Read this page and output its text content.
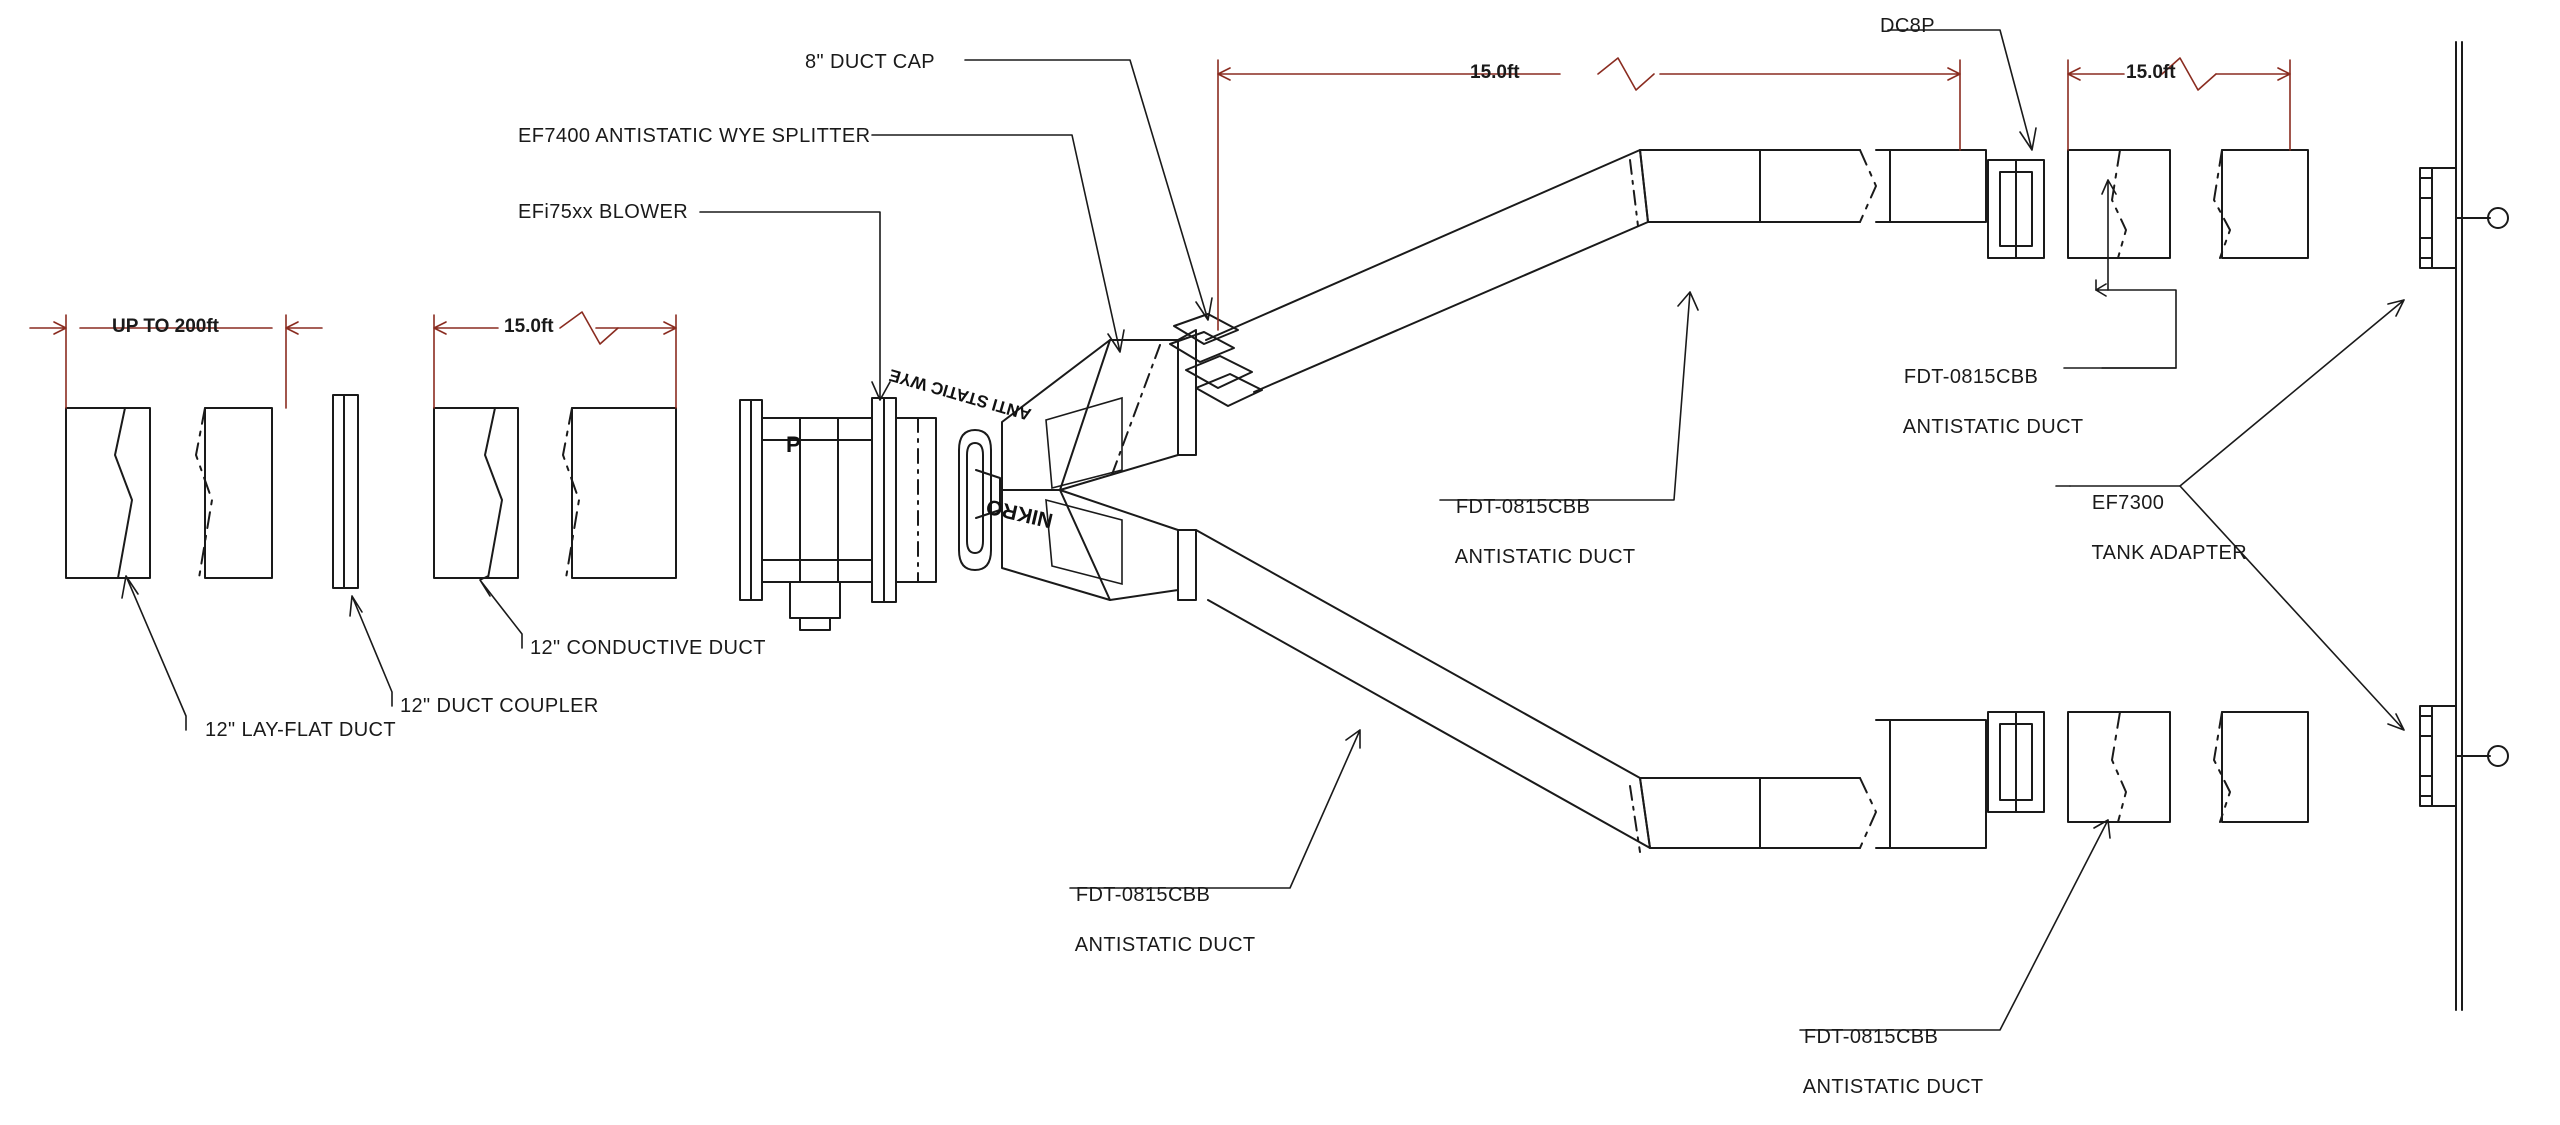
UP TO 200ft	15.0ft
15.0ft	15.0ft
8" DUCT CAP
EF7400 ANTISTATIC WYE SPLITTER
EFi75xx BLOWER
12" LAY-FLAT DUCT
12" DUCT COUPLER
12" CONDUCTIVE DUCT
DC8P

FDT-0815CBB

ANTISTATIC DUCT

FDT-0815CBB

ANTISTATIC DUCT

FDT-0815CBB

ANTISTATIC DUCT

FDT-0815CBB

ANTISTATIC DUCT

EF7300

TANK ADAPTER

ANTI STATIC WYE
NIKRO
P
